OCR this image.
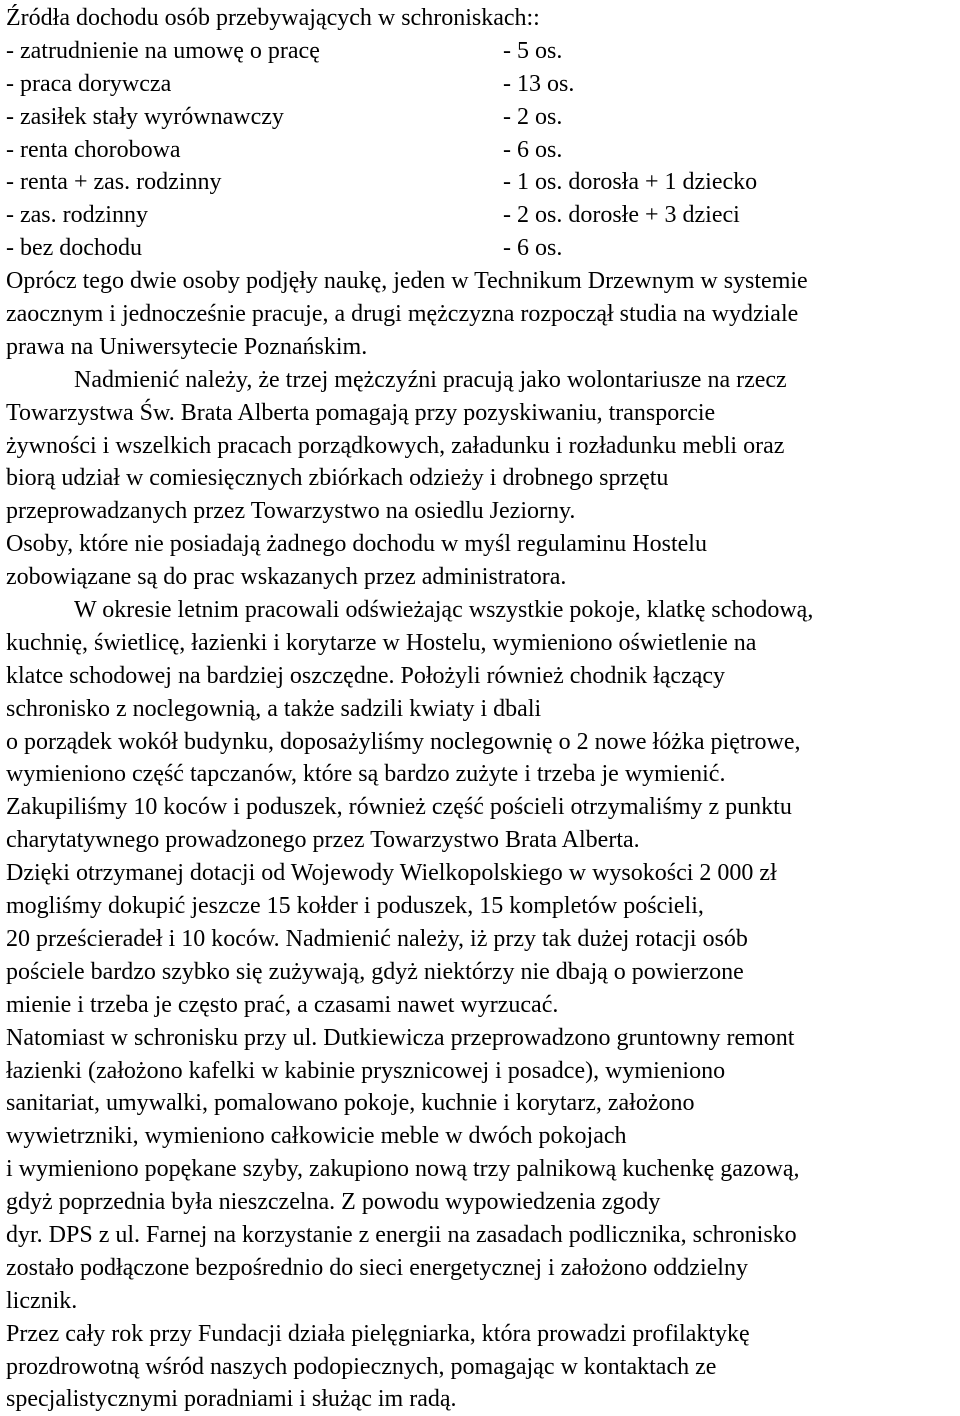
Źródła dochodu osób przebywających w schroniskach::
- zatrudnienie na umowę o pracę	- 5 os.
- praca dorywcza	- 13 os.
- zasiłek stały wyrównawczy	- 2 os.
- renta chorobowa	- 6 os.
- renta + zas. rodzinny	- 1 os. dorosła + 1 dziecko
- zas. rodzinny	- 2 os. dorosłe + 3 dzieci
- bez dochodu	- 6 os.
Oprócz tego dwie osoby podjęły naukę, jeden w Technikum Drzewnym w systemie
zaocznym i jednocześnie pracuje, a drugi mężczyzna rozpoczął studia na wydziale
prawa na Uniwersytecie Poznańskim.
Nadmienić należy, że trzej mężczyźni pracują jako wolontariusze na rzecz
Towarzystwa Św. Brata Alberta pomagają przy pozyskiwaniu, transporcie
żywności i wszelkich pracach porządkowych, załadunku i rozładunku mebli oraz
biorą udział w comiesięcznych zbiórkach odzieży i drobnego sprzętu
przeprowadzanych przez Towarzystwo na osiedlu Jeziorny.
Osoby, które nie posiadają żadnego dochodu w myśl regulaminu Hostelu
zobowiązane są do prac wskazanych przez administratora.
W okresie letnim pracowali odświeżając wszystkie pokoje, klatkę schodową,
kuchnię, świetlicę, łazienki i korytarze w Hostelu, wymieniono oświetlenie na
klatce schodowej na bardziej oszczędne. Położyli również chodnik łączący
schronisko z noclegownią, a także sadzili kwiaty i dbali
o porządek wokół budynku, doposażyliśmy noclegownię o 2 nowe łóżka piętrowe,
wymieniono część tapczanów, które są bardzo zużyte i trzeba je wymienić.
Zakupiliśmy 10 koców i poduszek, również część pościeli otrzymaliśmy z punktu
charytatywnego prowadzonego przez Towarzystwo Brata Alberta.
Dzięki otrzymanej dotacji od Wojewody Wielkopolskiego w wysokości 2 000 zł
mogliśmy dokupić jeszcze 15 kołder i poduszek, 15 kompletów pościeli,
20 prześcieradeł i 10 koców. Nadmienić należy, iż przy tak dużej rotacji osób
pościele bardzo szybko się zużywają, gdyż niektórzy nie dbają o powierzone
mienie i trzeba je często prać, a czasami nawet wyrzucać.
Natomiast w schronisku przy ul. Dutkiewicza przeprowadzono gruntowny remont
łazienki (założono kafelki w kabinie prysznicowej i posadce), wymieniono
sanitariat, umywalki, pomalowano pokoje, kuchnie i korytarz, założono
wywietrzniki, wymieniono całkowicie meble w dwóch pokojach
i wymieniono popękane szyby, zakupiono nową trzy palnikową kuchenkę gazową,
gdyż poprzednia była nieszczelna. Z powodu wypowiedzenia zgody
dyr. DPS z ul. Farnej na korzystanie z energii na zasadach podlicznika, schronisko
zostało podłączone bezpośrednio do sieci energetycznej i założono oddzielny
licznik.
Przez cały rok przy Fundacji działa pielęgniarka, która prowadzi profilaktykę
prozdrowotną wśród naszych podopiecznych, pomagając w kontaktach ze
specjalistycznymi poradniami i służąc im radą.
